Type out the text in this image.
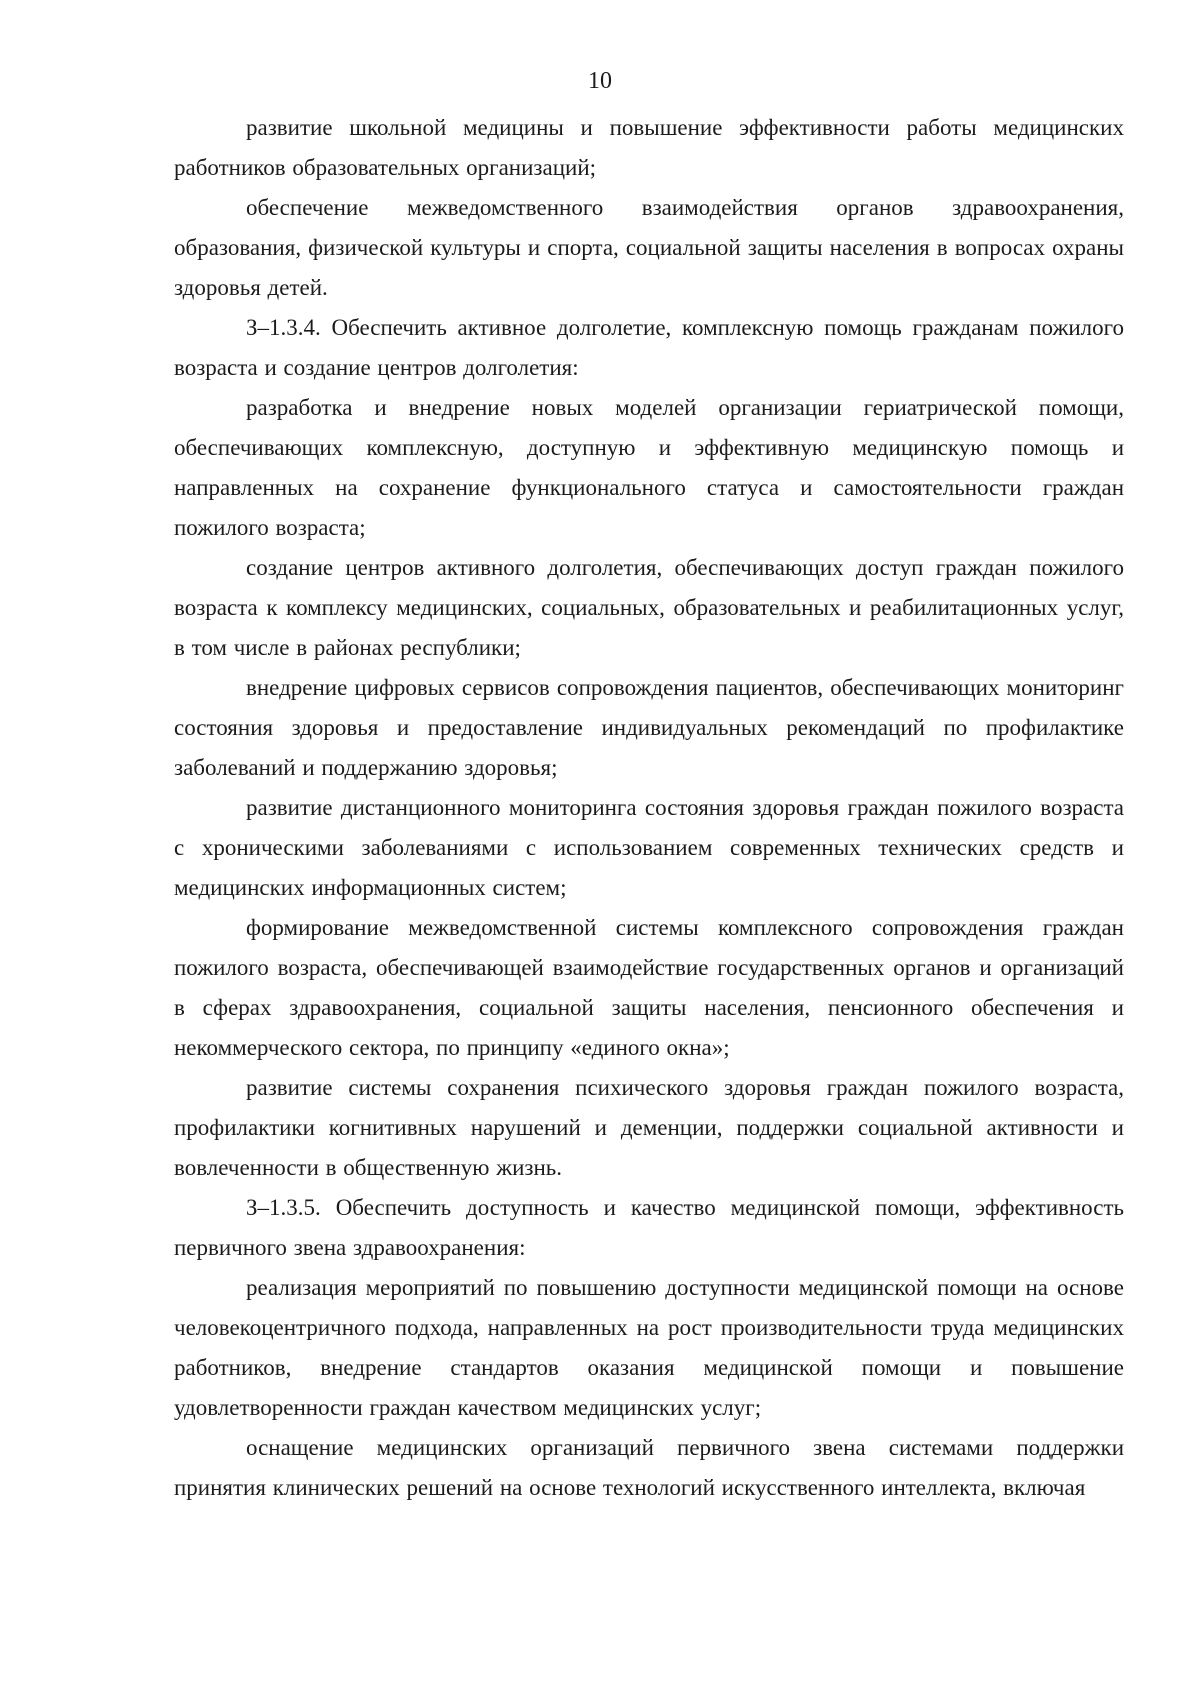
10

развитие школьной медицины и повышение эффективности работы медицинских работников образовательных организаций;

обеспечение межведомственного взаимодействия органов здравоохранения, образования, физической культуры и спорта, социальной защиты населения в вопросах охраны здоровья детей.

З–1.3.4. Обеспечить активное долголетие, комплексную помощь гражданам пожилого возраста и создание центров долголетия:

разработка и внедрение новых моделей организации гериатрической помощи, обеспечивающих комплексную, доступную и эффективную медицинскую помощь и направленных на сохранение функционального статуса и самостоятельности граждан пожилого возраста;

создание центров активного долголетия, обеспечивающих доступ граждан пожилого возраста к комплексу медицинских, социальных, образовательных и реабилитационных услуг, в том числе в районах республики;

внедрение цифровых сервисов сопровождения пациентов, обеспечивающих мониторинг состояния здоровья и предоставление индивидуальных рекомендаций по профилактике заболеваний и поддержанию здоровья;

развитие дистанционного мониторинга состояния здоровья граждан пожилого возраста с хроническими заболеваниями с использованием современных технических средств и медицинских информационных систем;

формирование межведомственной системы комплексного сопровождения граждан пожилого возраста, обеспечивающей взаимодействие государственных органов и организаций в сферах здравоохранения, социальной защиты населения, пенсионного обеспечения и некоммерческого сектора, по принципу «единого окна»;

развитие системы сохранения психического здоровья граждан пожилого возраста, профилактики когнитивных нарушений и деменции, поддержки социальной активности и вовлеченности в общественную жизнь.

З–1.3.5. Обеспечить доступность и качество медицинской помощи, эффективность первичного звена здравоохранения:

реализация мероприятий по повышению доступности медицинской помощи на основе человекоцентричного подхода, направленных на рост производительности труда медицинских работников, внедрение стандартов оказания медицинской помощи и повышение удовлетворенности граждан качеством медицинских услуг;

оснащение медицинских организаций первичного звена системами поддержки принятия клинических решений на основе технологий искусственного интеллекта, включая
